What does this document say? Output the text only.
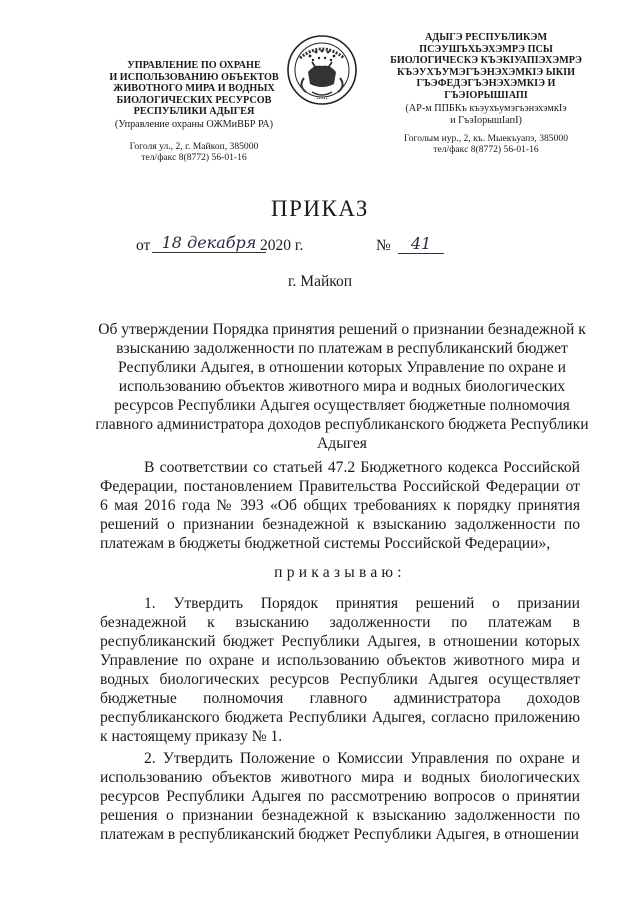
УПРАВЛЕНИЕ ПО ОХРАНЕ
И ИСПОЛЬЗОВАНИЮ ОБЪЕКТОВ
ЖИВОТНОГО МИРА И ВОДНЫХ
БИОЛОГИЧЕСКИХ РЕСУРСОВ
РЕСПУБЛИКИ АДЫГЕЯ
(Управление охраны ОЖМиВБР РА)
Гоголя ул., 2, г. Майкоп, 385000
тел/факс 8(8772) 56-01-16
•••••
АДЫГЭ РЕСПУБЛИКЭМ
ПСЭУШЪХЬЭХЭМРЭ ПСЫ
БИОЛОГИЧЕСКЭ КЪЭКIУАПIЭХЭМРЭ
КЪЭУХЪУМЭГЪЭНЭХЭМКIЭ ЫКIИ
ГЪЭФЕДЭГЪЭНЭХЭМКIЭ И ГЪЭIОРЫШIАПI
(АР-м ППБКъ къэухъумэгъэнэхэмкIэ
и ГъэIорышIапI)
Гоголым иур., 2, къ. Мыекъуапэ, 385000
тел/факс 8(8772) 56-01-16
ПРИКАЗ
от 18 декабря 2020 г.	№	41
г. Майкоп
Об утверждении Порядка принятия решений о признании безнадежной к взысканию задолженности по платежам в республиканский бюджет Республики Адыгея, в отношении которых Управление по охране и использованию объектов животного мира и водных биологических ресурсов Республики Адыгея осуществляет бюджетные полномочия главного администратора доходов республиканского бюджета Республики Адыгея
В соответствии со статьей 47.2 Бюджетного кодекса Российской Федерации, постановлением Правительства Российской Федерации от 6 мая 2016 года № 393 «Об общих требованиях к порядку принятия решений о признании безнадежной к взысканию задолженности по платежам в бюджеты бюджетной системы Российской Федерации»,
приказываю:
1. Утвердить Порядок принятия решений о призании безнадежной к взысканию задолженности по платежам в республиканский бюджет Республики Адыгея, в отношении которых Управление по охране и использованию объектов животного мира и водных биологических ресурсов Республики Адыгея осуществляет бюджетные полномочия главного администратора доходов республиканского бюджета Республики Адыгея, согласно приложению к настоящему приказу № 1.
2. Утвердить Положение о Комиссии Управления по охране и использованию объектов животного мира и водных биологических ресурсов Республики Адыгея по рассмотрению вопросов о принятии решения о признании безнадежной к взысканию задолженности по платежам в республиканский бюджет Республики Адыгея, в отношении
